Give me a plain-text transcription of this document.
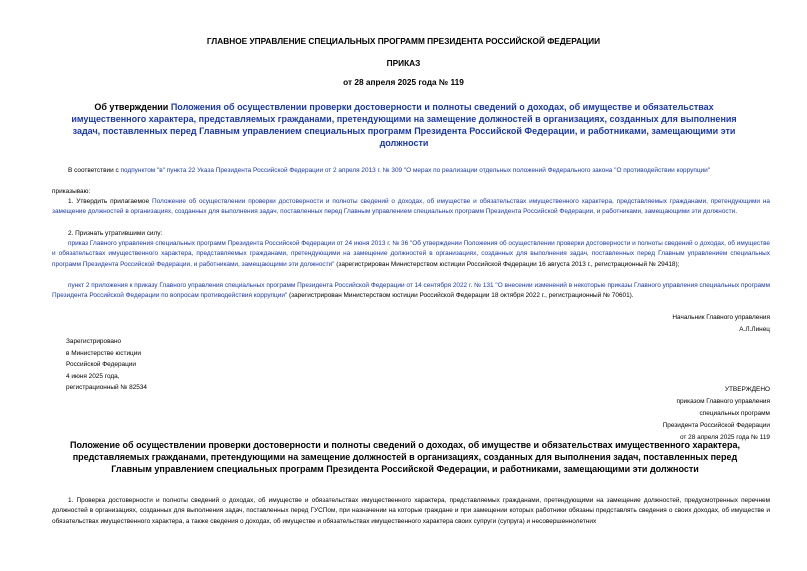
ГЛАВНОЕ УПРАВЛЕНИЕ СПЕЦИАЛЬНЫХ ПРОГРАММ ПРЕЗИДЕНТА РОССИЙСКОЙ ФЕДЕРАЦИИ
ПРИКАЗ
от 28 апреля 2025 года № 119
Об утверждении Положения об осуществлении проверки достоверности и полноты сведений о доходах, об имуществе и обязательствах имущественного характера, представляемых гражданами, претендующими на замещение должностей в организациях, созданных для выполнения задач, поставленных перед Главным управлением специальных программ Президента Российской Федерации, и работниками, замещающими эти должности
В соответствии с подпунктом "в" пункта 22 Указа Президента Российской Федерации от 2 апреля 2013 г. № 309 "О мерах по реализации отдельных положений Федерального закона "О противодействии коррупции"
приказываю:
1. Утвердить прилагаемое Положение об осуществлении проверки достоверности и полноты сведений о доходах, об имуществе и обязательствах имущественного характера, представляемых гражданами, претендующими на замещение должностей в организациях, созданных для выполнения задач, поставленных перед Главным управлением специальных программ Президента Российской Федерации, и работниками, замещающими эти должности.
2. Признать утратившими силу:
приказ Главного управления специальных программ Президента Российской Федерации от 24 июня 2013 г. № 36 "Об утверждении Положения об осуществлении проверки достоверности и полноты сведений о доходах, об имуществе и обязательствах имущественного характера, представляемых гражданами, претендующими на замещение должностей в организациях, созданных для выполнения задач, поставленных перед Главным управлением специальных программ Президента Российской Федерации, и работниками, замещающими эти должности" (зарегистрирован Министерством юстиции Российской Федерации 16 августа 2013 г., регистрационный № 29418);
пункт 2 приложения к приказу Главного управления специальных программ Президента Российской Федерации от 14 сентября 2022 г. № 131 "О внесении изменений в некоторые приказы Главного управления специальных программ Президента Российской Федерации по вопросам противодействия коррупции" (зарегистрирован Министерством юстиции Российской Федерации 18 октября 2022 г., регистрационный № 70601).
Начальник Главного управления
А.Л.Линец
Зарегистрировано
в Министерстве юстиции
Российской Федерации
4 июня 2025 года,
регистрационный № 82534	УТВЕРЖДЕНО
приказом Главного управления
специальных программ
Президента Российской Федерации
от 28 апреля 2025 года № 119
Положение об осуществлении проверки достоверности и полноты сведений о доходах, об имуществе и обязательствах имущественного характера, представляемых гражданами, претендующими на замещение должностей в организациях, созданных для выполнения задач, поставленных перед Главным управлением специальных программ Президента Российской Федерации, и работниками, замещающими эти должности
1. Проверка достоверности и полноты сведений о доходах, об имуществе и обязательствах имущественного характера, представляемых гражданами, претендующими на замещение должностей, предусмотренных перечнем должностей в организациях, созданных для выполнения задач, поставленных перед ГУСПом, при назначении на которые граждане и при замещении которых работники обязаны представлять сведения о своих доходах, об имуществе и обязательствах имущественного характера, а также сведения о доходах, об имуществе и обязательствах имущественного характера своих супруги (супруга) и несовершеннолетних
